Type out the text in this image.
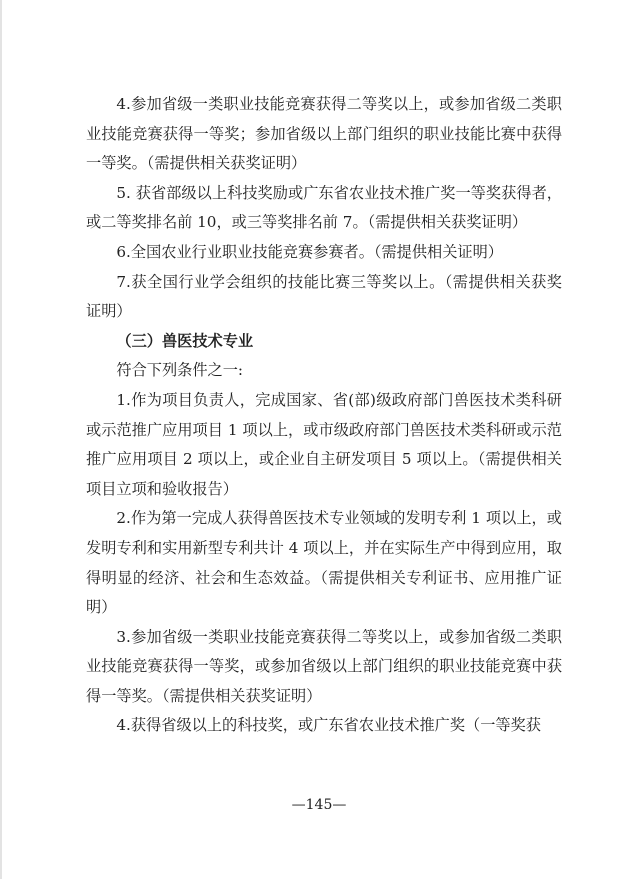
4.参加省级一类职业技能竞赛获得二等奖以上，或参加省级二类职业技能竞赛获得一等奖；参加省级以上部门组织的职业技能比赛中获得一等奖。（需提供相关获奖证明）

5. 获省部级以上科技奖励或广东省农业技术推广奖一等奖获得者，或二等奖排名前 10，或三等奖排名前 7。（需提供相关获奖证明）

6.全国农业行业职业技能竞赛参赛者。（需提供相关证明）

7.获全国行业学会组织的技能比赛三等奖以上。（需提供相关获奖证明）

（三）兽医技术专业

符合下列条件之一:

1.作为项目负责人，完成国家、省(部)级政府部门兽医技术类科研或示范推广应用项目 1 项以上，或市级政府部门兽医技术类科研或示范推广应用项目 2 项以上，或企业自主研发项目 5 项以上。（需提供相关项目立项和验收报告）

2.作为第一完成人获得兽医技术专业领域的发明专利 1 项以上，或发明专利和实用新型专利共计 4 项以上，并在实际生产中得到应用，取得明显的经济、社会和生态效益。（需提供相关专利证书、应用推广证明）

3.参加省级一类职业技能竞赛获得二等奖以上，或参加省级二类职业技能竞赛获得一等奖，或参加省级以上部门组织的职业技能竞赛中获得一等奖。（需提供相关获奖证明）

4.获得省级以上的科技奖，或广东省农业技术推广奖（一等奖获

—145—
